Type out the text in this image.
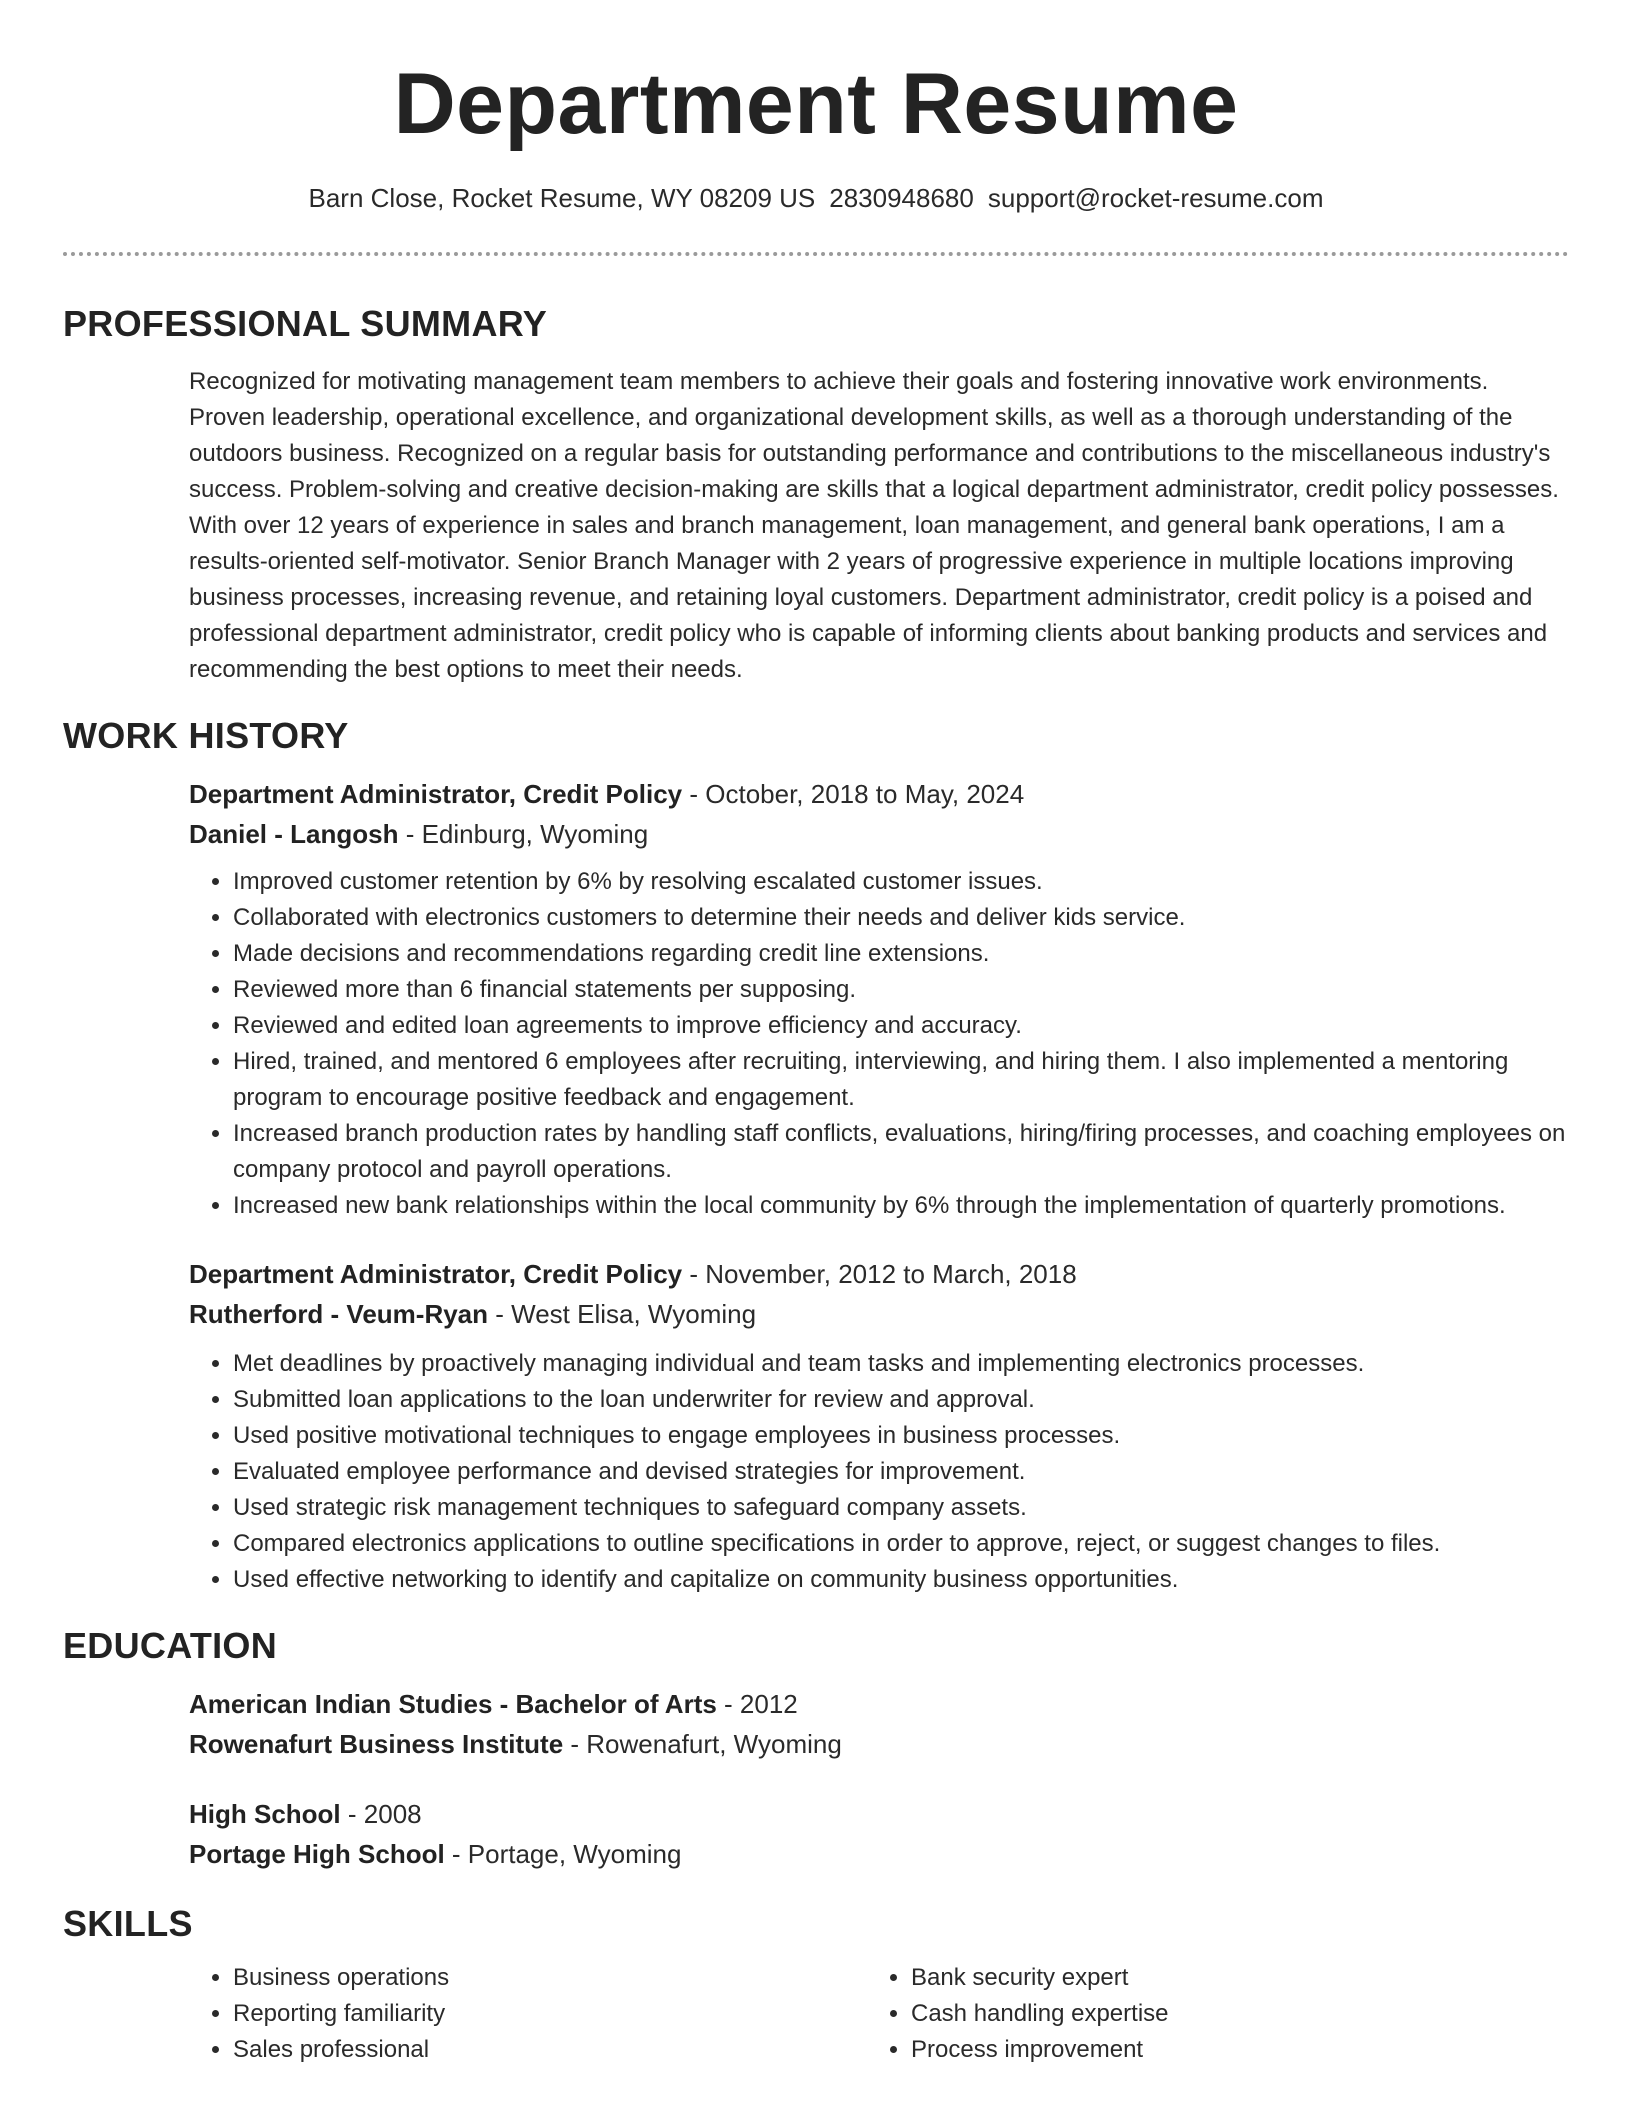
Department Resume
Barn Close, Rocket Resume, WY 08209 US 2830948680 support@rocket-resume.com
PROFESSIONAL SUMMARY

Recognized for motivating management team members to achieve their goals and fostering innovative work environments. Proven leadership, operational excellence, and organizational development skills, as well as a thorough understanding of the outdoors business. Recognized on a regular basis for outstanding performance and contributions to the miscellaneous industry's success. Problem-solving and creative decision-making are skills that a logical department administrator, credit policy possesses. With over 12 years of experience in sales and branch management, loan management, and general bank operations, I am a results-oriented self-motivator. Senior Branch Manager with 2 years of progressive experience in multiple locations improving business processes, increasing revenue, and retaining loyal customers. Department administrator, credit policy is a poised and professional department administrator, credit policy who is capable of informing clients about banking products and services and recommending the best options to meet their needs.

WORK HISTORY
Department Administrator, Credit Policy - October, 2018 to May, 2024
Daniel - Langosh - Edinburg, Wyoming
• Improved customer retention by 6% by resolving escalated customer issues.
• Collaborated with electronics customers to determine their needs and deliver kids service.
• Made decisions and recommendations regarding credit line extensions.
• Reviewed more than 6 financial statements per supposing.
• Reviewed and edited loan agreements to improve efficiency and accuracy.
• Hired, trained, and mentored 6 employees after recruiting, interviewing, and hiring them. I also implemented a mentoring program to encourage positive feedback and engagement.
• Increased branch production rates by handling staff conflicts, evaluations, hiring/firing processes, and coaching employees on company protocol and payroll operations.
• Increased new bank relationships within the local community by 6% through the implementation of quarterly promotions.
Department Administrator, Credit Policy - November, 2012 to March, 2018
Rutherford - Veum-Ryan - West Elisa, Wyoming
• Met deadlines by proactively managing individual and team tasks and implementing electronics processes.
• Submitted loan applications to the loan underwriter for review and approval.
• Used positive motivational techniques to engage employees in business processes.
• Evaluated employee performance and devised strategies for improvement.
• Used strategic risk management techniques to safeguard company assets.
• Compared electronics applications to outline specifications in order to approve, reject, or suggest changes to files.
• Used effective networking to identify and capitalize on community business opportunities.
EDUCATION
American Indian Studies - Bachelor of Arts - 2012
Rowenafurt Business Institute - Rowenafurt, Wyoming
High School - 2008
Portage High School - Portage, Wyoming
SKILLS
• Business operations
• Reporting familiarity
• Sales professional
• Bank security expert
• Cash handling expertise
• Process improvement
